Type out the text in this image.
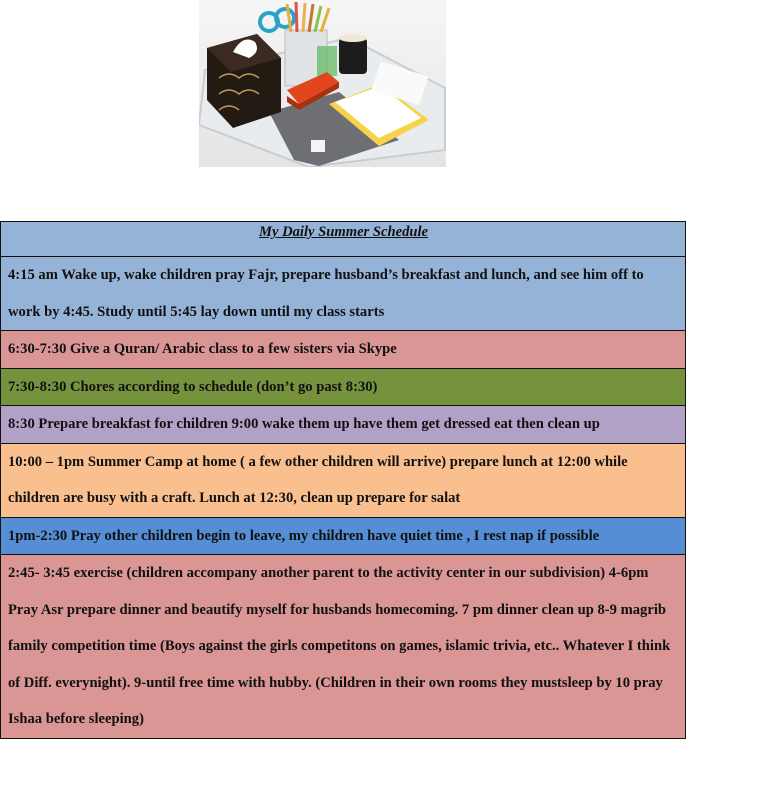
My Daily Summer Schedule
4:15 am Wake up, wake children pray Fajr, prepare husband’s breakfast and lunch, and see him off to work by 4:45. Study until 5:45 lay down until my class starts
6:30-7:30 Give a Quran/ Arabic class to a few sisters via Skype
7:30-8:30 Chores according to schedule (don’t go past 8:30)
8:30 Prepare breakfast for children 9:00 wake them up have them get dressed eat then clean up
10:00 – 1pm Summer Camp at home ( a few other children will arrive) prepare lunch at 12:00 while children are busy with a craft. Lunch at 12:30, clean up prepare for salat
1pm-2:30 Pray other children begin to leave, my children have quiet time , I rest nap if possible
2:45- 3:45 exercise (children accompany another parent to the activity center in our subdivision) 4-6pm Pray Asr prepare dinner and beautify myself for husbands homecoming. 7 pm dinner clean up 8-9 magrib family competition time (Boys against the girls competitons on games, islamic trivia, etc.. Whatever I think of Diff. everynight). 9-until free time with hubby. (Children in their own rooms they mustsleep by 10 pray Ishaa before sleeping)
